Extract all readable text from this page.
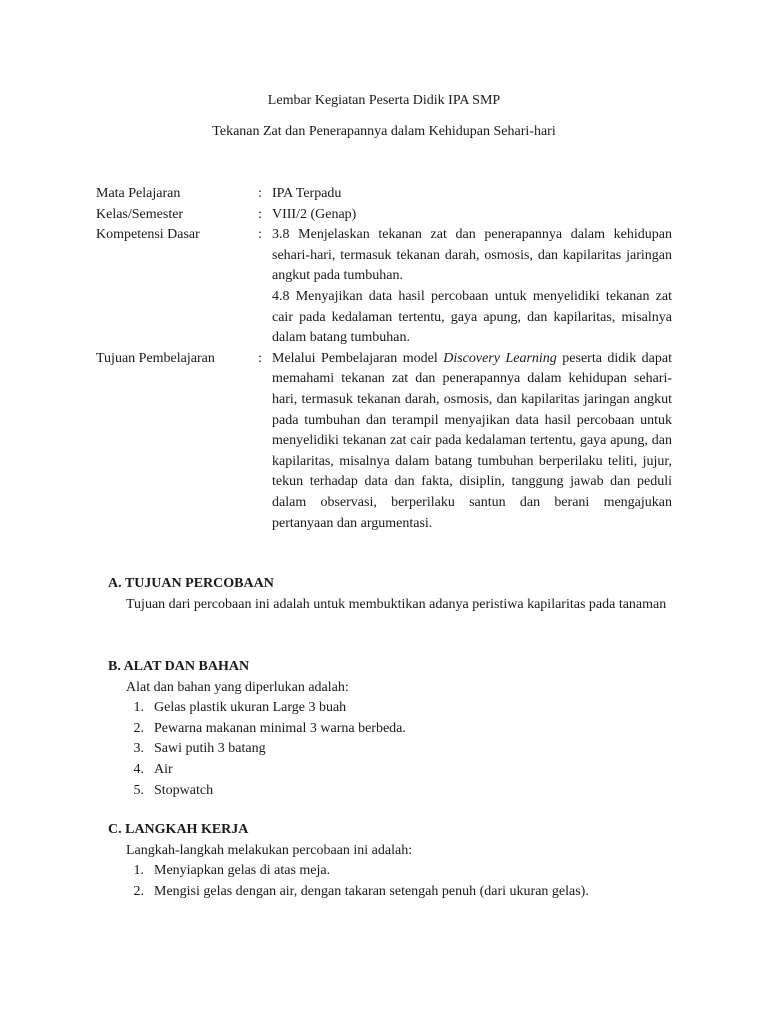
Lembar Kegiatan Peserta Didik IPA SMP
Tekanan Zat dan Penerapannya dalam Kehidupan Sehari-hari
Mata Pelajaran	: IPA Terpadu
Kelas/Semester	: VIII/2 (Genap)
Kompetensi Dasar	: 3.8 Menjelaskan tekanan zat dan penerapannya dalam kehidupan sehari-hari, termasuk tekanan darah, osmosis, dan kapilaritas jaringan angkut pada tumbuhan.

4.8 Menyajikan data hasil percobaan untuk menyelidiki tekanan zat cair pada kedalaman tertentu, gaya apung, dan kapilaritas, misalnya dalam batang tumbuhan.

Tujuan Pembelajaran	: Melalui Pembelajaran model Discovery Learning peserta didik dapat memahami tekanan zat dan penerapannya dalam kehidupan sehari-hari, termasuk tekanan darah, osmosis, dan kapilaritas jaringan angkut pada tumbuhan dan terampil menyajikan data hasil percobaan untuk menyelidiki tekanan zat cair pada kedalaman tertentu, gaya apung, dan kapilaritas, misalnya dalam batang tumbuhan berperilaku teliti, jujur, tekun terhadap data dan fakta, disiplin, tanggung jawab dan peduli dalam observasi, berperilaku santun dan berani mengajukan pertanyaan dan argumentasi.
A. TUJUAN PERCOBAAN
Tujuan dari percobaan ini adalah untuk membuktikan adanya peristiwa kapilaritas pada tanaman
B. ALAT DAN BAHAN
Alat dan bahan yang diperlukan adalah:
1. Gelas plastik ukuran Large 3 buah
2. Pewarna makanan minimal 3 warna berbeda.
3. Sawi putih 3 batang
4. Air
5. Stopwatch
C. LANGKAH KERJA
Langkah-langkah melakukan percobaan ini adalah:
1. Menyiapkan gelas di atas meja.
2. Mengisi gelas dengan air, dengan takaran setengah penuh (dari ukuran gelas).
